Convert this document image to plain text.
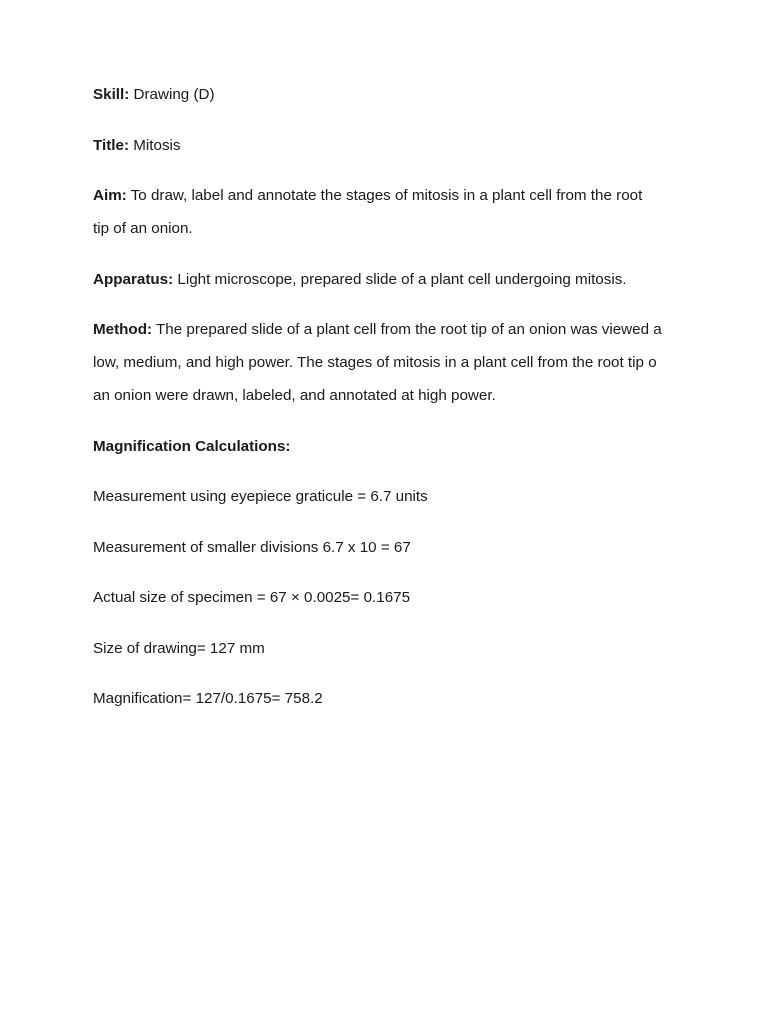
Skill: Drawing (D)

Title: Mitosis

Aim: To draw, label and annotate the stages of mitosis in a plant cell from the root
tip of an onion.

Apparatus: Light microscope, prepared slide of a plant cell undergoing mitosis.

Method: The prepared slide of a plant cell from the root tip of an onion was viewed a
low, medium, and high power. The stages of mitosis in a plant cell from the root tip o
an onion were drawn, labeled, and annotated at high power.

Magnification Calculations:

Measurement using eyepiece graticule = 6.7 units

Measurement of smaller divisions 6.7 x 10 = 67

Actual size of specimen = 67 × 0.0025= 0.1675

Size of drawing= 127 mm

Magnification= 127/0.1675= 758.2
